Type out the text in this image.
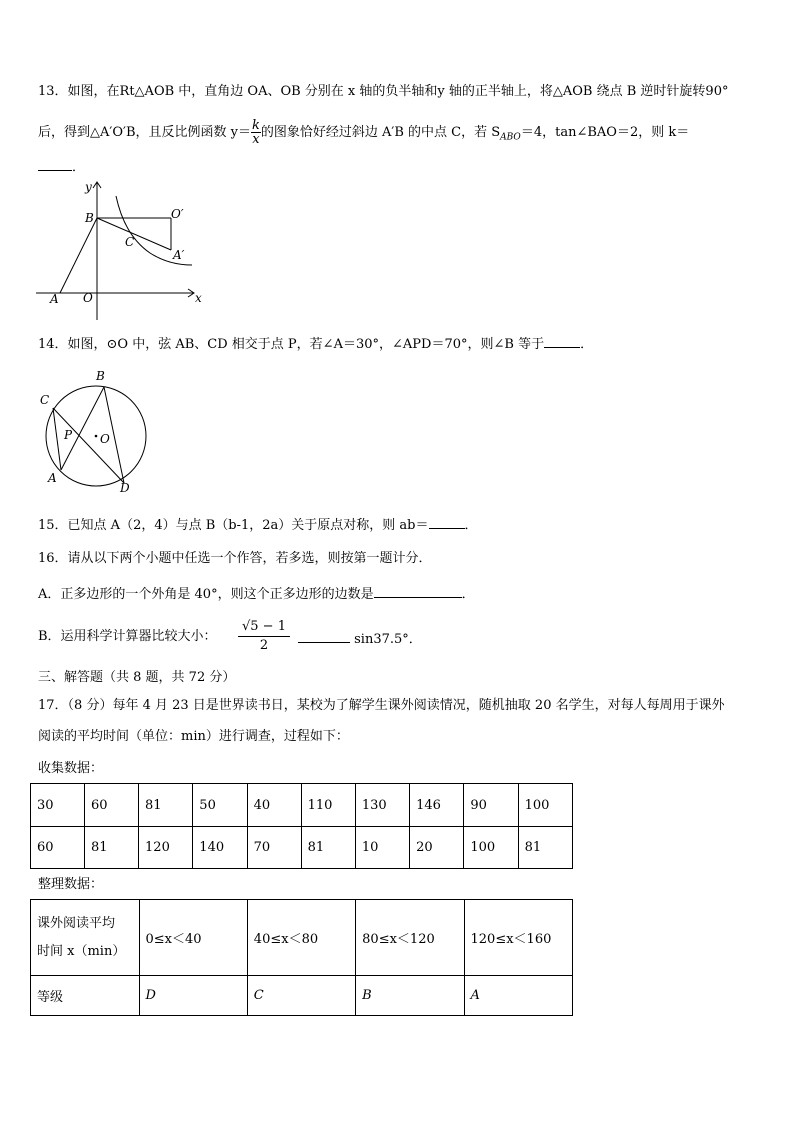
13．如图，在Rt△AOB 中，直角边 OA、OB 分别在 x 轴的负半轴和y 轴的正半轴上，将△AOB 绕点 B 逆时针旋转90°
后，得到△A′O′B，且反比例函数 $y= \frac{k}{x}$ 的图象恰好经过斜边 A′B 的中点 C，若 $S_{ABO}=4$，tan∠BAO＝2，则 k＝
．
y
x
B	O′
C
A′
A O
14．如图，⊙O 中，弦 AB、CD 相交于点 P，若∠A＝30°，∠APD＝70°，则∠B 等于	．
B
C
P O
A
D
15．已知点 A（2，4）与点 B（b-1，2a）关于原点对称，则 ab＝	．
16．请从以下两个小题中任选一个作答，若多选，则按第一题计分．
A．正多边形的一个外角是 40°，则这个正多边形的边数是	．
B．运用科学计算器比较大小： $\frac{√5 - 1}{2}$	sin37.5°．
三、解答题（共 8 题，共 72 分）
17．（8 分）每年 4 月 23 日是世界读书日，某校为了解学生课外阅读情况，随机抽取 20 名学生，对每人每周用于课外
阅读的平均时间（单位：min）进行调查，过程如下：
收集数据：
30	60	81	50	40	110	130	146	90	100
60	81	120	140	70	81	10	20	100	81
整理数据：
课外阅读平均
时间 x（min）	0≤x＜40	40≤x＜80	80≤x＜120	120≤x＜160
等级	D	C	B	A
